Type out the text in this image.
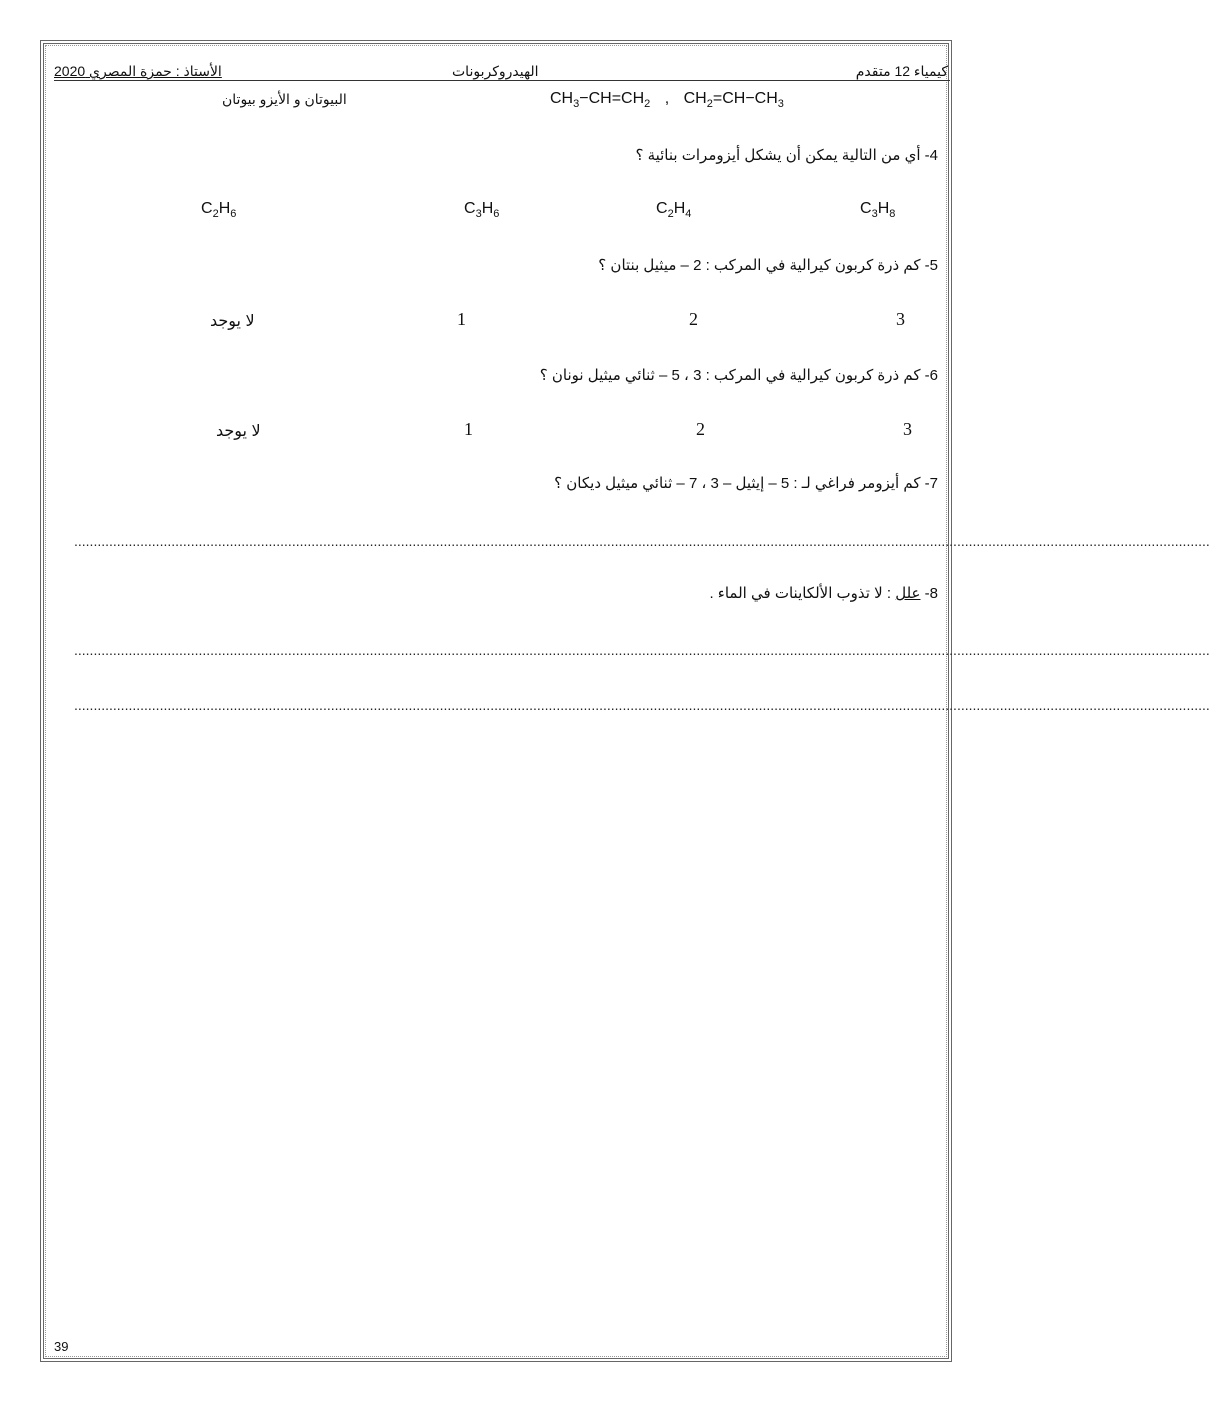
كيمياء 12 متقدم
الهيدروكربونات
الأستاذ : حمزة المصري 2020
البيوتان و الأيزو بيوتان	$CH_3-CH=CH_2$ , $CH_2=CH-CH_3$
4- أي من التالية يمكن أن يشكل أيزومرات بنائية ؟
$C_3H_8$
$C_2H_4$
$C_3H_6$
$C_2H_6$
5- كم ذرة كربون كيرالية في المركب : 2 – ميثيل بنتان ؟
3
2
1
لا يوجد
6- كم ذرة كربون كيرالية في المركب : 3 ، 5 – ثنائي ميثيل نونان ؟
3
2
1
لا يوجد
7- كم أيزومر فراغي لـ : 5 – إيثيل – 3 ، 7 – ثنائي ميثيل ديكان ؟
....................................................................................................................................................................................................................................................................................................
8- علل : لا تذوب الألكاينات في الماء .
....................................................................................................................................................................................................................................................................................................
....................................................................................................................................................................................................................................................................................................
39
